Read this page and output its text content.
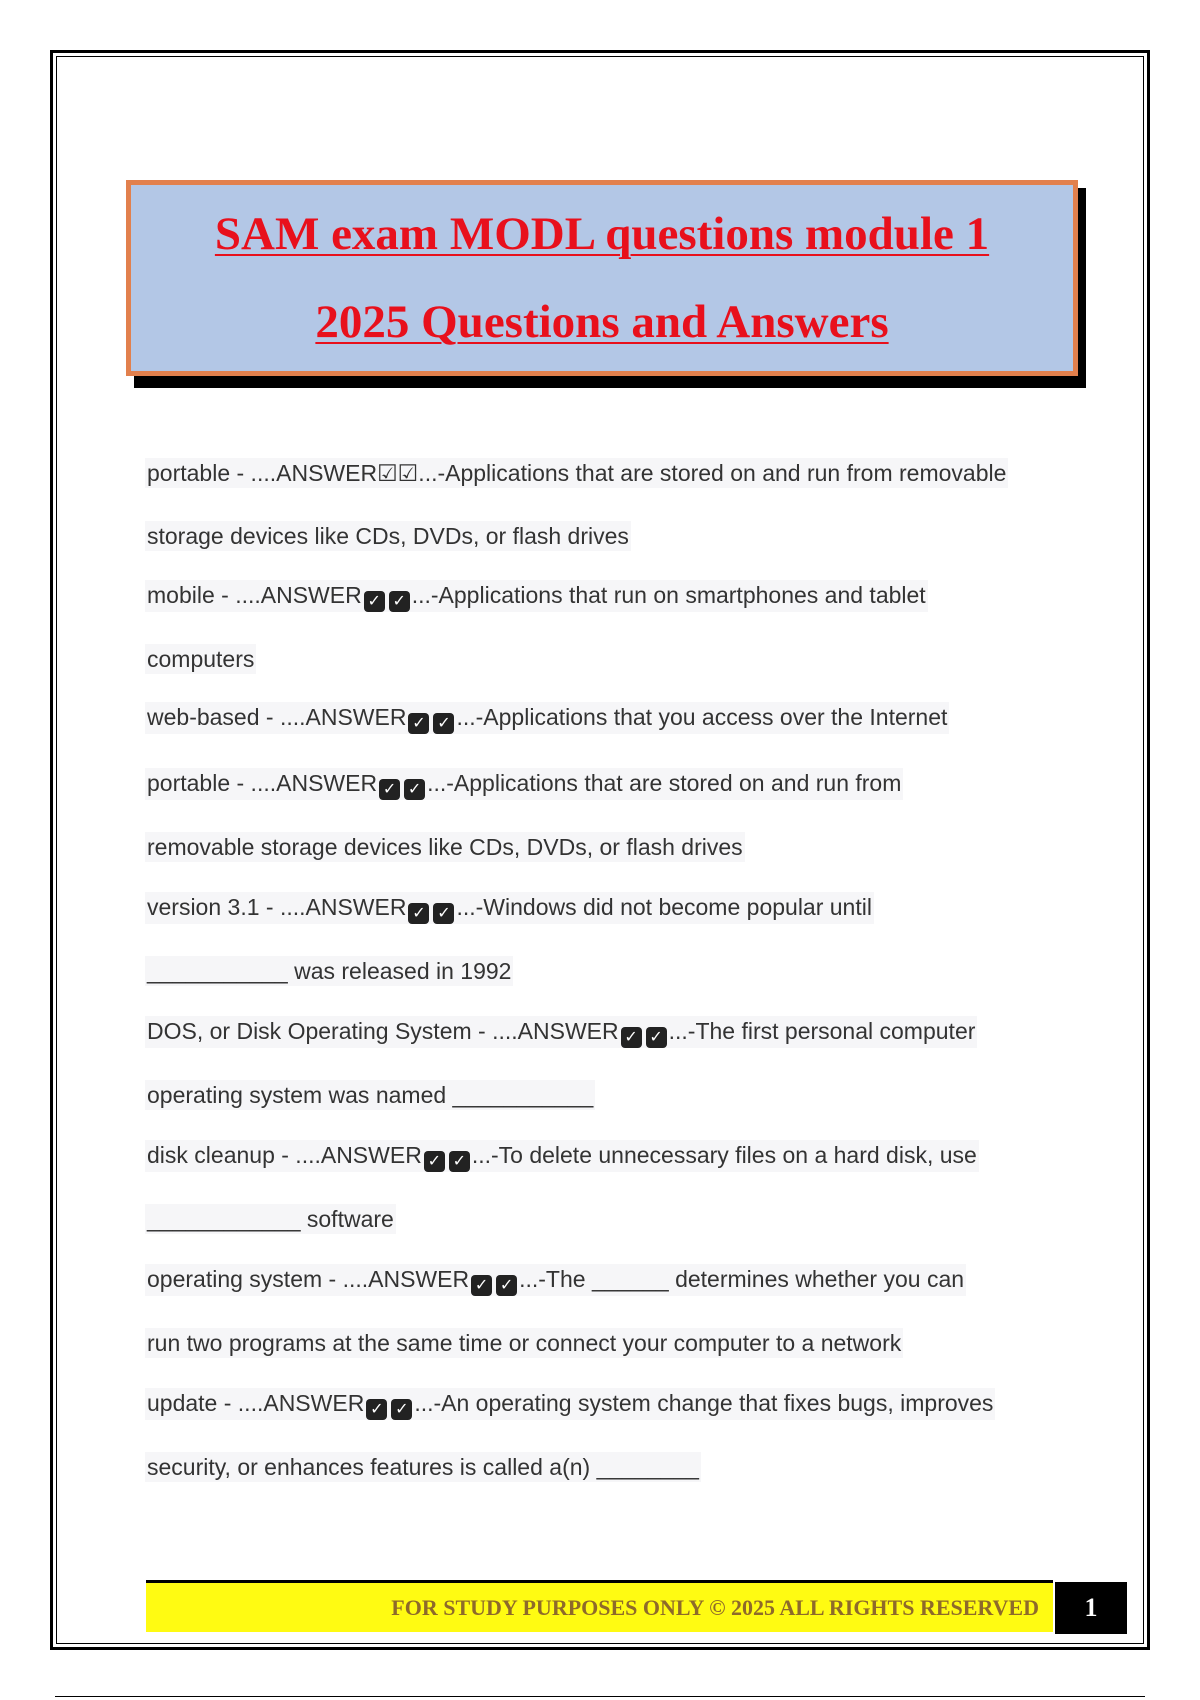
SAM exam MODL questions module 1
2025 Questions and Answers
portable - ....ANSWER☑☑...-Applications that are stored on and run from removable
storage devices like CDs, DVDs, or flash drives
mobile - ....ANSWER ✓ ✓ ...-Applications that run on smartphones and tablet
computers
web-based - ....ANSWER ✓ ✓ ...-Applications that you access over the Internet
portable - ....ANSWER ✓ ✓ ...-Applications that are stored on and run from
removable storage devices like CDs, DVDs, or flash drives
version 3.1 - ....ANSWER ✓ ✓ ...-Windows did not become popular until
___________ was released in 1992
DOS, or Disk Operating System - ....ANSWER ✓ ✓ ...-The first personal computer
operating system was named ___________
disk cleanup - ....ANSWER ✓ ✓ ...-To delete unnecessary files on a hard disk, use
____________ software
operating system - ....ANSWER ✓ ✓ ...-The ______ determines whether you can
run two programs at the same time or connect your computer to a network
update - ....ANSWER ✓ ✓ ...-An operating system change that fixes bugs, improves
security, or enhances features is called a(n) ________
FOR STUDY PURPOSES ONLY © 2025 ALL RIGHTS RESERVED	1
